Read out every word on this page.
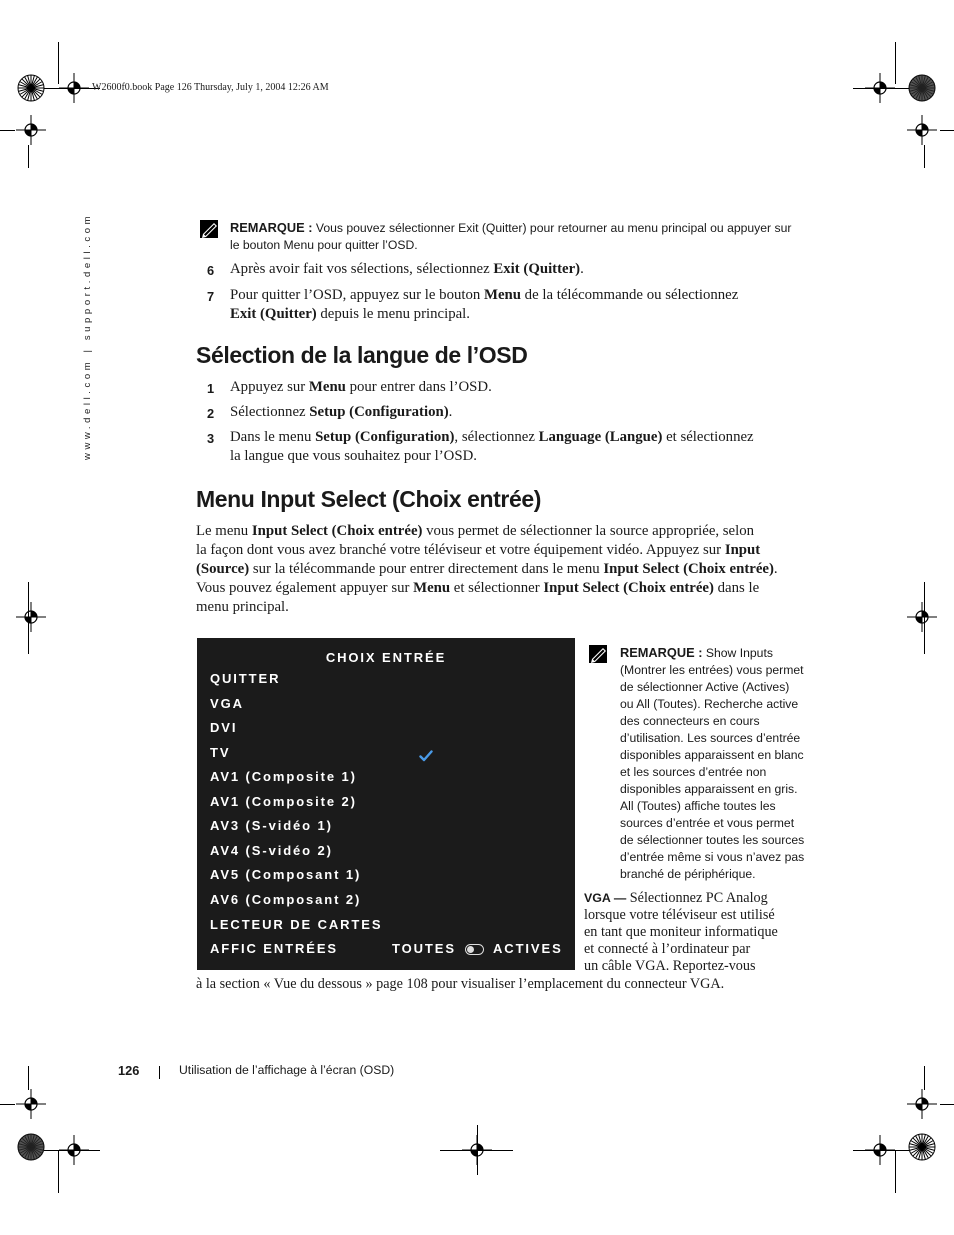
W2600f0.book Page 126 Thursday, July 1, 2004 12:26 AM
www.dell.com | support.dell.com	REMARQUE : Vous pouvez sélectionner Exit (Quitter) pour retourner au menu principal ou appuyer sur
le bouton Menu pour quitter l’OSD.
6 Après avoir fait vos sélections, sélectionnez Exit (Quitter).
7 Pour quitter l’OSD, appuyez sur le bouton Menu de la télécommande ou sélectionnez
Exit (Quitter) depuis le menu principal.
Sélection de la langue de l’OSD
1 Appuyez sur Menu pour entrer dans l’OSD.
2 Sélectionnez Setup (Configuration).
3 Dans le menu Setup (Configuration), sélectionnez Language (Langue) et sélectionnez
la langue que vous souhaitez pour l’OSD.
Menu Input Select (Choix entrée)
Le menu Input Select (Choix entrée) vous permet de sélectionner la source appropriée, selon
la façon dont vous avez branché votre téléviseur et votre équipement vidéo. Appuyez sur Input
(Source) sur la télécommande pour entrer directement dans le menu Input Select (Choix entrée).
Vous pouvez également appuyer sur Menu et sélectionner Input Select (Choix entrée) dans le
menu principal.
CHOIX ENTRÉE
QUITTER
VGA
DVI
TV
AV1 (Composite 1)
AV1 (Composite 2)
AV3 (S-vidéo 1)
AV4 (S-vidéo 2)
AV5 (Composant 1)
AV6 (Composant 2)
LECTEUR DE CARTES
AFFIC ENTRÉES	TOUTES	ACTIVES
REMARQUE : Show Inputs
(Montrer les entrées) vous permet
de sélectionner Active (Actives)
ou All (Toutes). Recherche active
des connecteurs en cours
d’utilisation. Les sources d’entrée
disponibles apparaissent en blanc
et les sources d’entrée non
disponibles apparaissent en gris.
All (Toutes) affiche toutes les
sources d’entrée et vous permet
de sélectionner toutes les sources
d’entrée même si vous n’avez pas
branché de périphérique.
VGA — Sélectionnez PC Analog
lorsque votre téléviseur est utilisé
en tant que moniteur informatique
et connecté à l’ordinateur par
un câble VGA. Reportez-vous
à la section « Vue du dessous » page 108 pour visualiser l’emplacement du connecteur VGA.
126	Utilisation de l’affichage à l’écran (OSD)
